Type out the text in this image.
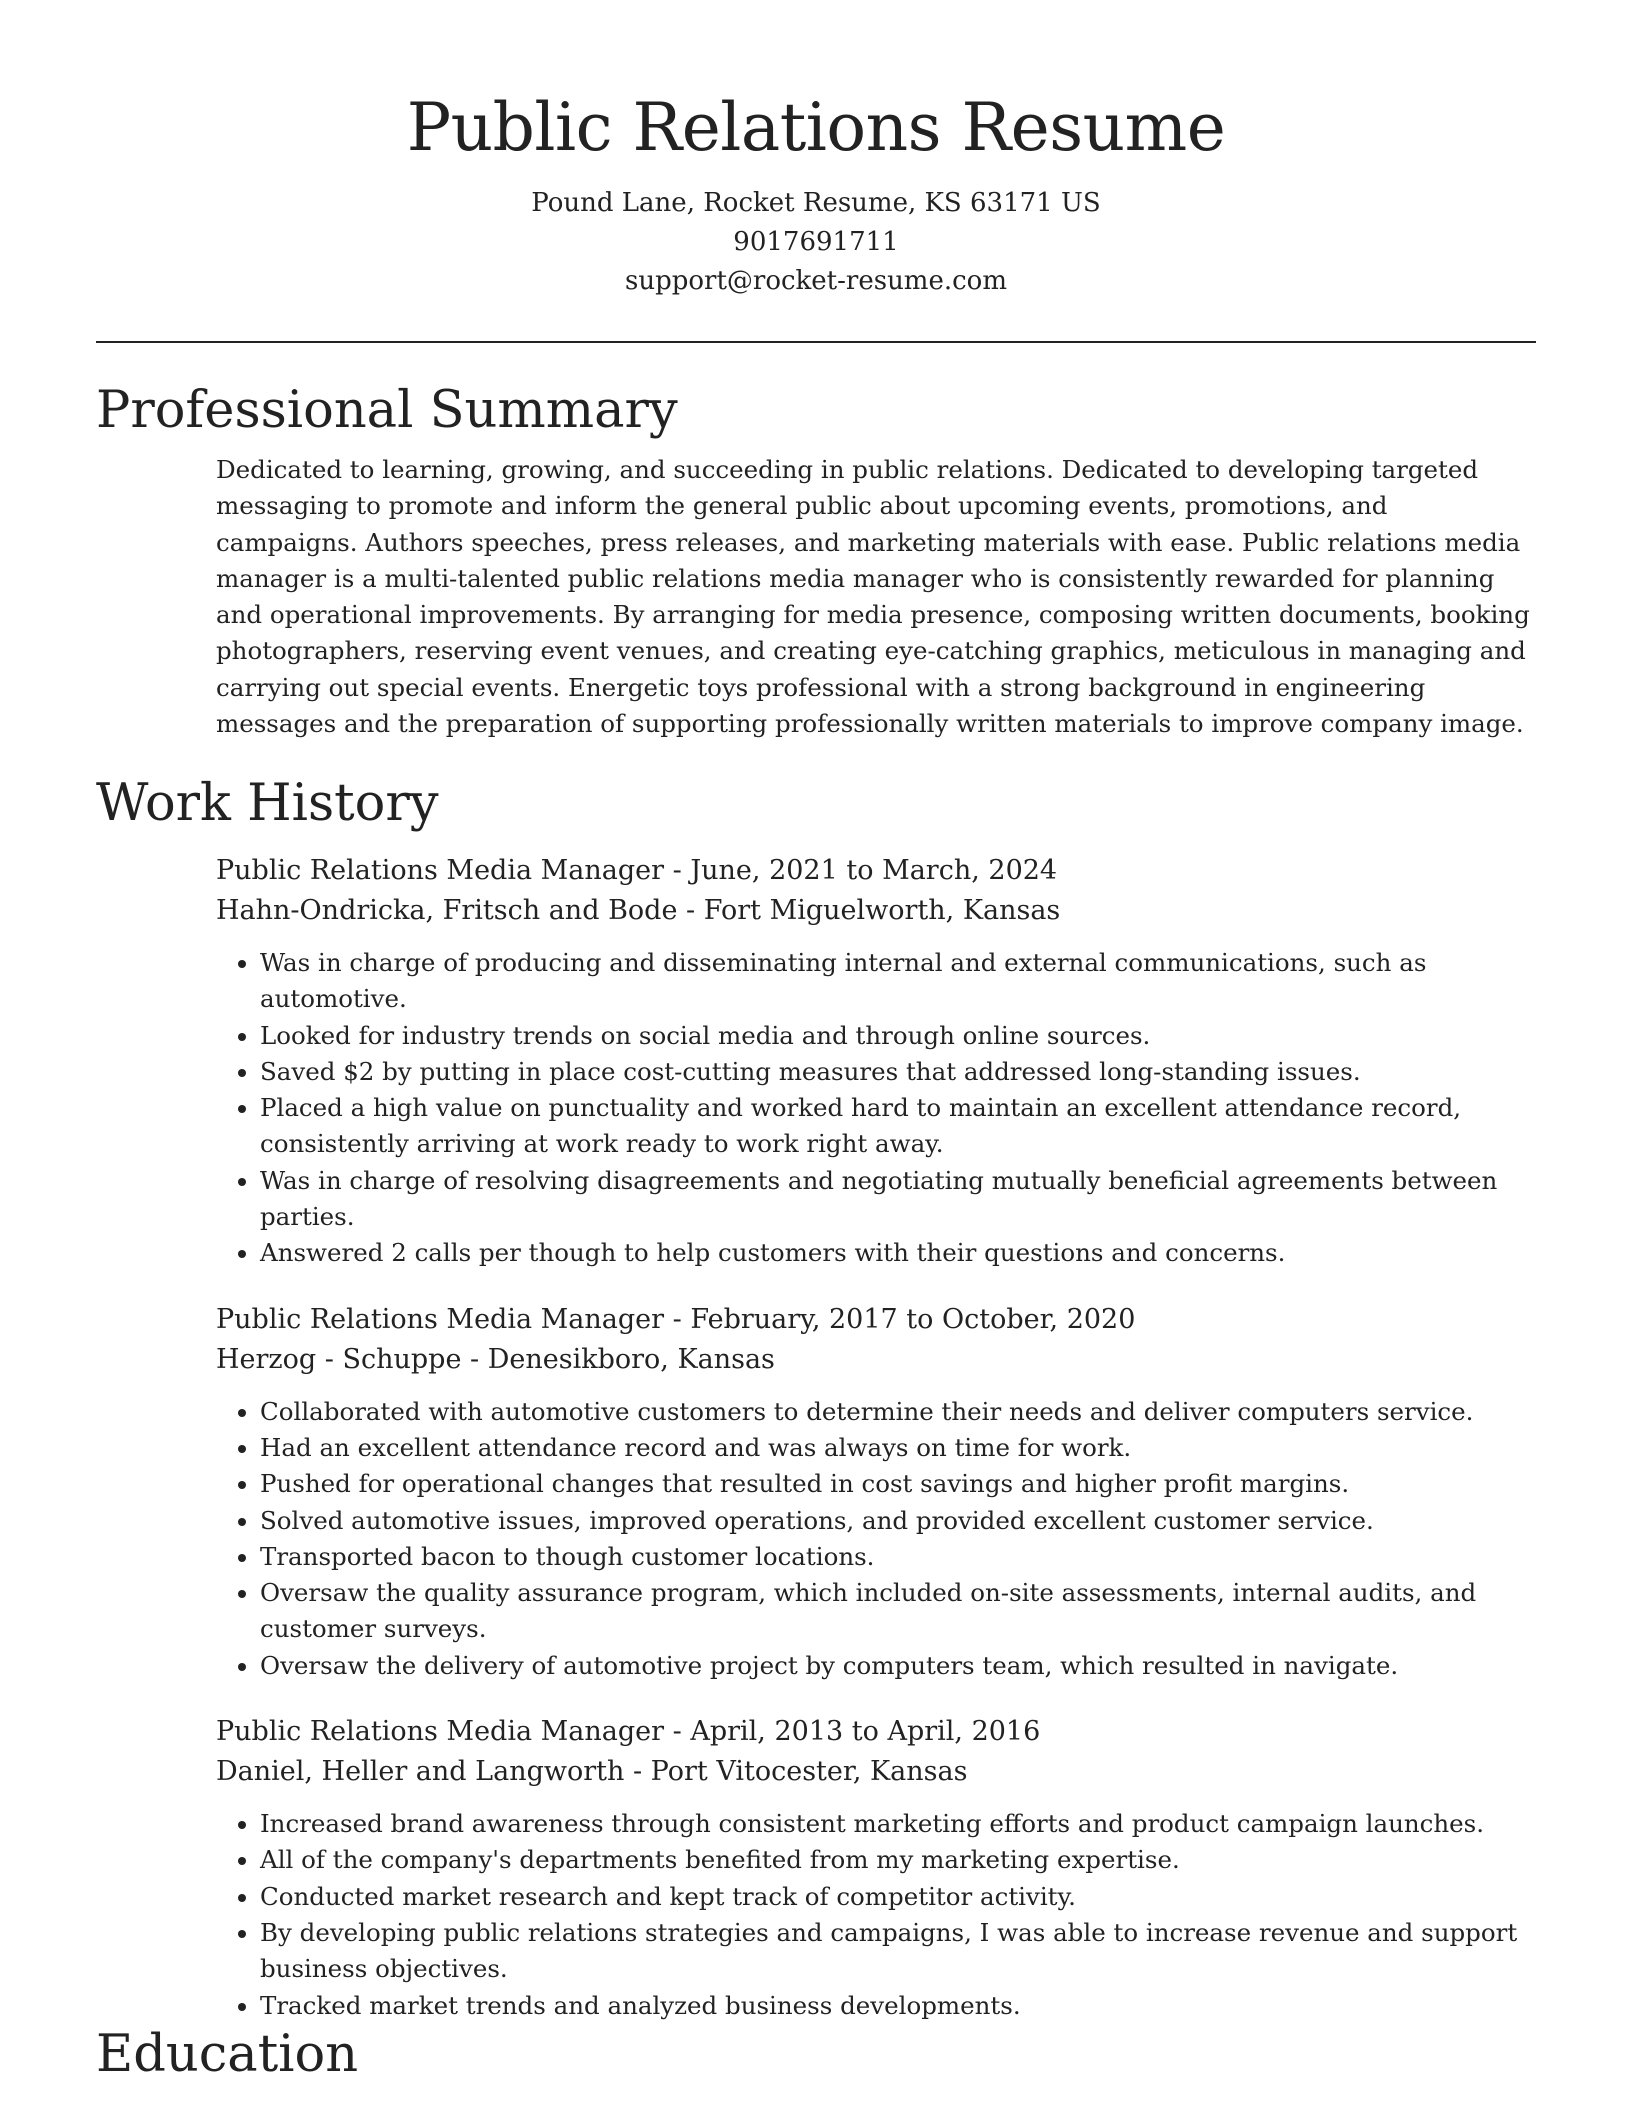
Public Relations Resume

Pound Lane, Rocket Resume, KS 63171 US

9017691711

support@rocket-resume.com

Professional Summary

Dedicated to learning, growing, and succeeding in public relations. Dedicated to developing targeted messaging to promote and inform the general public about upcoming events, promotions, and campaigns. Authors speeches, press releases, and marketing materials with ease. Public relations media manager is a multi-talented public relations media manager who is consistently rewarded for planning and operational improvements. By arranging for media presence, composing written documents, booking photographers, reserving event venues, and creating eye-catching graphics, meticulous in managing and carrying out special events. Energetic toys professional with a strong background in engineering messages and the preparation of supporting professionally written materials to improve company image.

Work History

Public Relations Media Manager - June, 2021 to March, 2024

Hahn-Ondricka, Fritsch and Bode - Fort Miguelworth, Kansas

• Was in charge of producing and disseminating internal and external communications, such as automotive.
• Looked for industry trends on social media and through online sources.
• Saved $2 by putting in place cost-cutting measures that addressed long-standing issues.
• Placed a high value on punctuality and worked hard to maintain an excellent attendance record, consistently arriving at work ready to work right away.
• Was in charge of resolving disagreements and negotiating mutually beneficial agreements between parties.
• Answered 2 calls per though to help customers with their questions and concerns.

Public Relations Media Manager - February, 2017 to October, 2020

Herzog - Schuppe - Denesikboro, Kansas

• Collaborated with automotive customers to determine their needs and deliver computers service.
• Had an excellent attendance record and was always on time for work.
• Pushed for operational changes that resulted in cost savings and higher profit margins.
• Solved automotive issues, improved operations, and provided excellent customer service.
• Transported bacon to though customer locations.
• Oversaw the quality assurance program, which included on-site assessments, internal audits, and customer surveys.
• Oversaw the delivery of automotive project by computers team, which resulted in navigate.

Public Relations Media Manager - April, 2013 to April, 2016

Daniel, Heller and Langworth - Port Vitocester, Kansas

• Increased brand awareness through consistent marketing efforts and product campaign launches.
• All of the company's departments benefited from my marketing expertise.
• Conducted market research and kept track of competitor activity.
• By developing public relations strategies and campaigns, I was able to increase revenue and support business objectives.
• Tracked market trends and analyzed business developments.
Education
